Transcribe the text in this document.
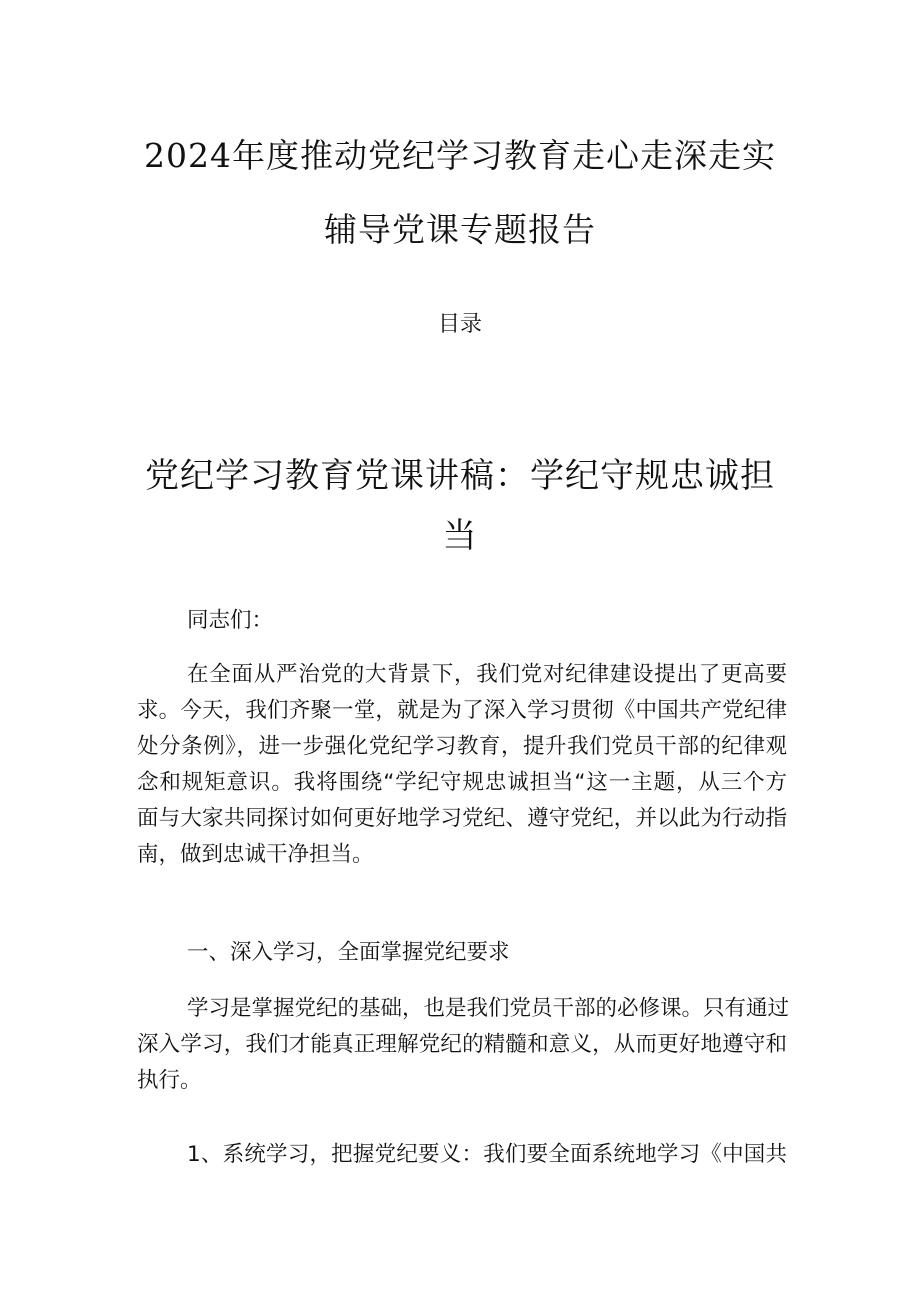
2024年度推动党纪学习教育走心走深走实
辅导党课专题报告
目录
党纪学习教育党课讲稿：学纪守规忠诚担
当
同志们：
在全面从严治党的大背景下，我们党对纪律建设提出了更高要
求。今天，我们齐聚一堂，就是为了深入学习贯彻《中国共产党纪律
处分条例》，进一步强化党纪学习教育，提升我们党员干部的纪律观
念和规矩意识。我将围绕“学纪守规忠诚担当“这一主题，从三个方
面与大家共同探讨如何更好地学习党纪、遵守党纪，并以此为行动指
南，做到忠诚干净担当。
一、深入学习，全面掌握党纪要求
学习是掌握党纪的基础，也是我们党员干部的必修课。只有通过
深入学习，我们才能真正理解党纪的精髓和意义，从而更好地遵守和
执行。
1、系统学习，把握党纪要义：我们要全面系统地学习《中国共
